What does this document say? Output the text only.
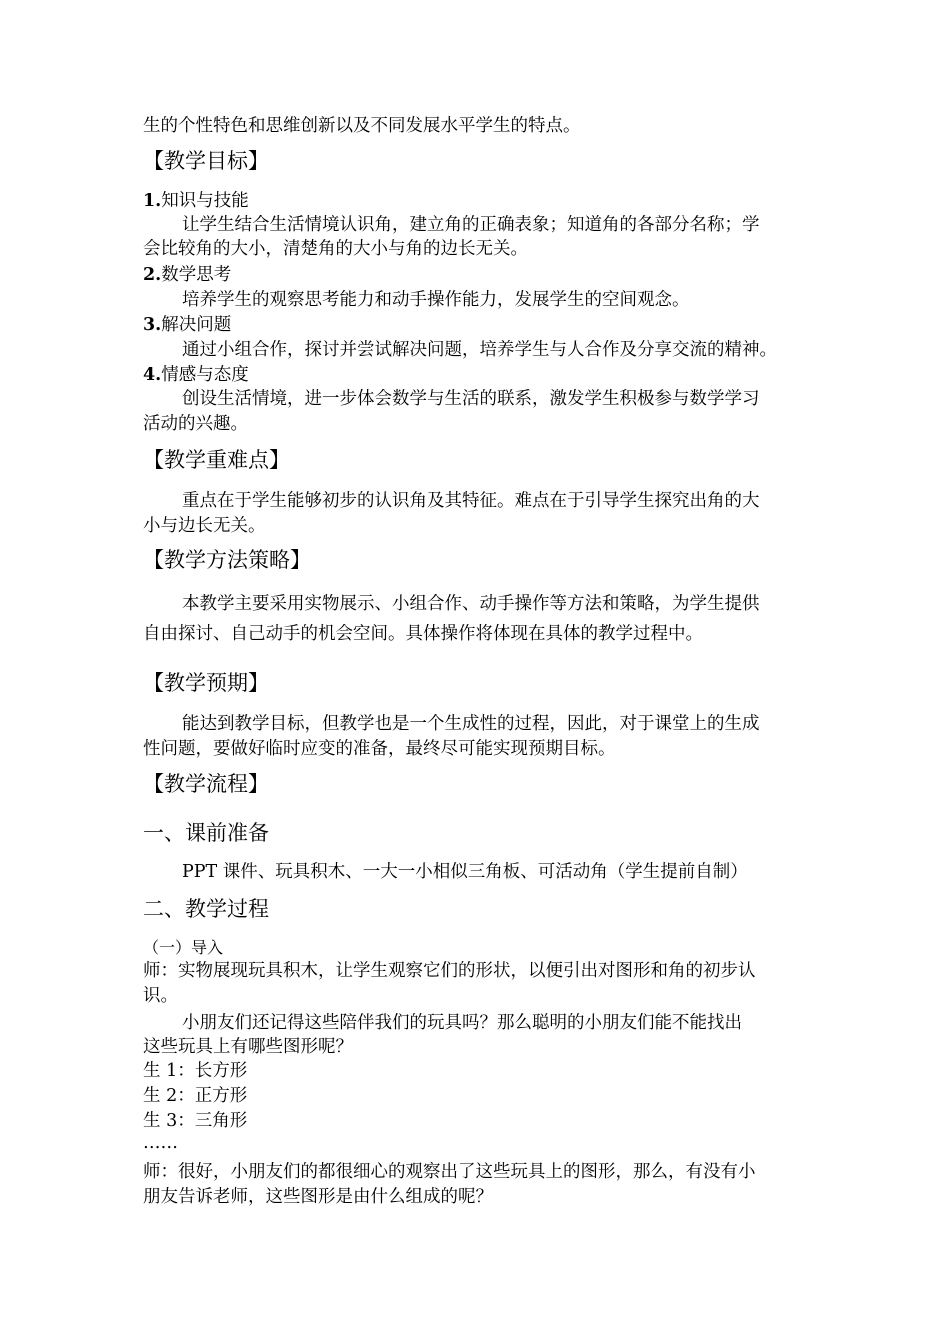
生的个性特色和思维创新以及不同发展水平学生的特点。
【教学目标】
1.知识与技能
让学生结合生活情境认识角，建立角的正确表象；知道角的各部分名称；学
会比较角的大小，清楚角的大小与角的边长无关。
2.数学思考
培养学生的观察思考能力和动手操作能力，发展学生的空间观念。
3.解决问题
通过小组合作，探讨并尝试解决问题，培养学生与人合作及分享交流的精神。
4.情感与态度
创设生活情境，进一步体会数学与生活的联系，激发学生积极参与数学学习
活动的兴趣。
【教学重难点】
重点在于学生能够初步的认识角及其特征。难点在于引导学生探究出角的大
小与边长无关。
【教学方法策略】
本教学主要采用实物展示、小组合作、动手操作等方法和策略，为学生提供
自由探讨、自己动手的机会空间。具体操作将体现在具体的教学过程中。
【教学预期】
能达到教学目标，但教学也是一个生成性的过程，因此，对于课堂上的生成
性问题，要做好临时应变的准备，最终尽可能实现预期目标。
【教学流程】
一、课前准备
PPT 课件、玩具积木、一大一小相似三角板、可活动角（学生提前自制）
二、教学过程
（一）导入
师：实物展现玩具积木，让学生观察它们的形状，以便引出对图形和角的初步认
识。
小朋友们还记得这些陪伴我们的玩具吗？那么聪明的小朋友们能不能找出
这些玩具上有哪些图形呢？
生 1：长方形
生 2：正方形
生 3：三角形
……
师：很好，小朋友们的都很细心的观察出了这些玩具上的图形，那么，有没有小
朋友告诉老师，这些图形是由什么组成的呢？
